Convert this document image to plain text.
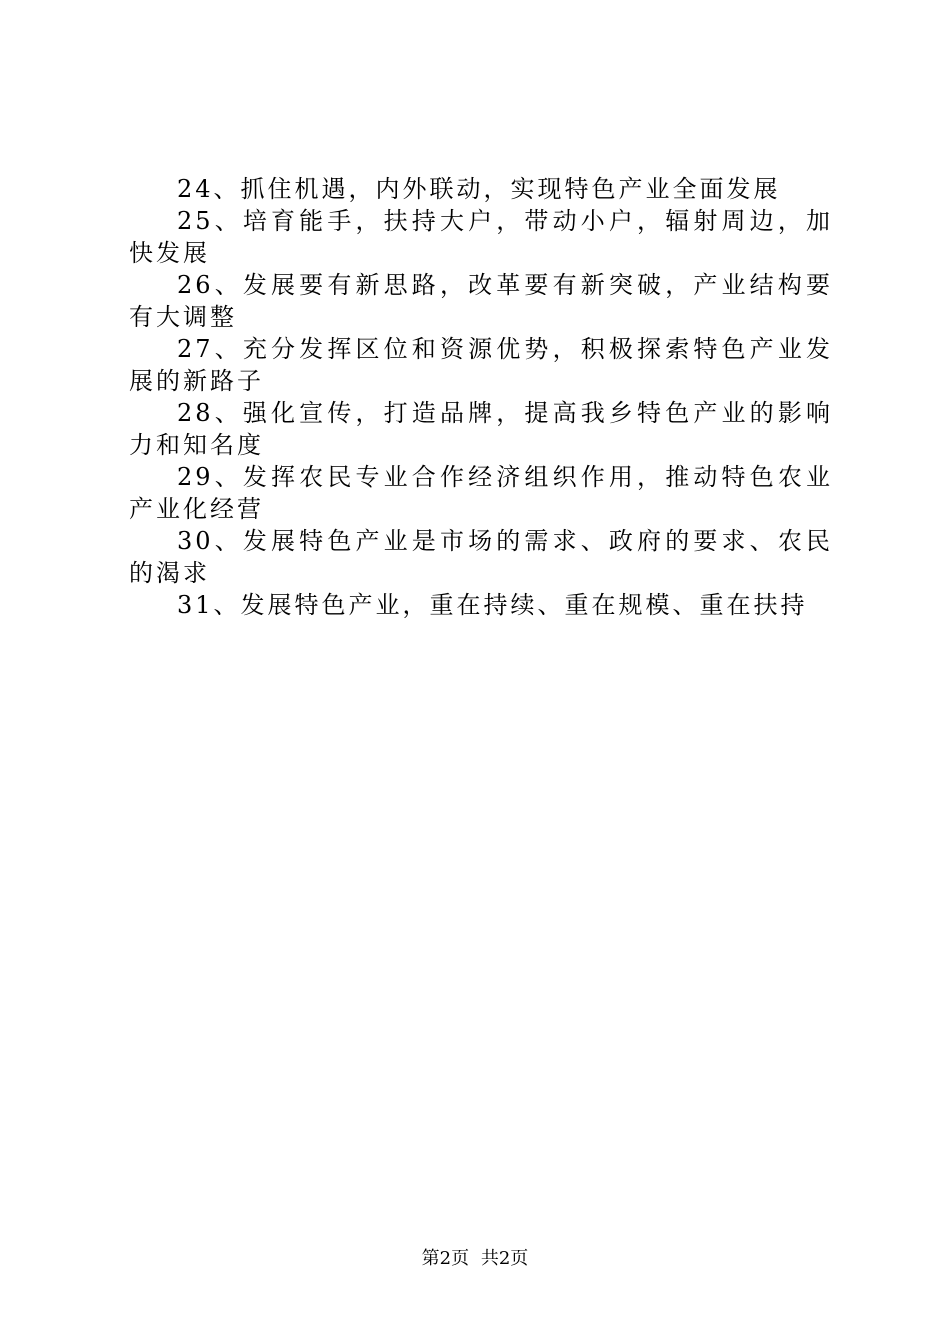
24、抓住机遇，内外联动，实现特色产业全面发展

25、培育能手，扶持大户，带动小户，辐射周边，加快发展

26、发展要有新思路，改革要有新突破，产业结构要有大调整

27、充分发挥区位和资源优势，积极探索特色产业发展的新路子

28、强化宣传，打造品牌，提高我乡特色产业的影响力和知名度

29、发挥农民专业合作经济组织作用，推动特色农业产业化经营

30、发展特色产业是市场的需求、政府的要求、农民的渴求

31、发展特色产业，重在持续、重在规模、重在扶持

第2页 共2页
